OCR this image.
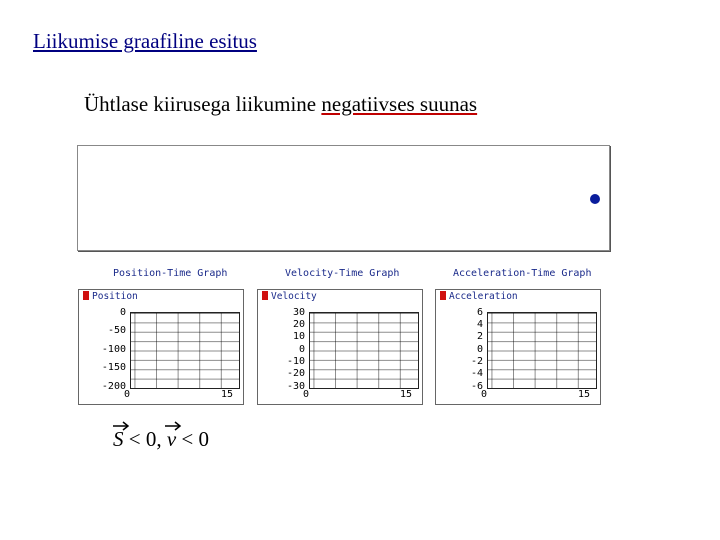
Liikumise graafiline esitus
Ühtlase kiirusega liikumine negatiivses suunas
Position-Time Graph
Position
0
-50
-100
-150
-200
0	15
Velocity-Time Graph
Velocity
30
20
10
0
-10
-20
-30
0	15
Acceleration-Time Graph
Acceleration
6
4
2
0
-2
-4
-6
0	15
S < 0,
v < 0
